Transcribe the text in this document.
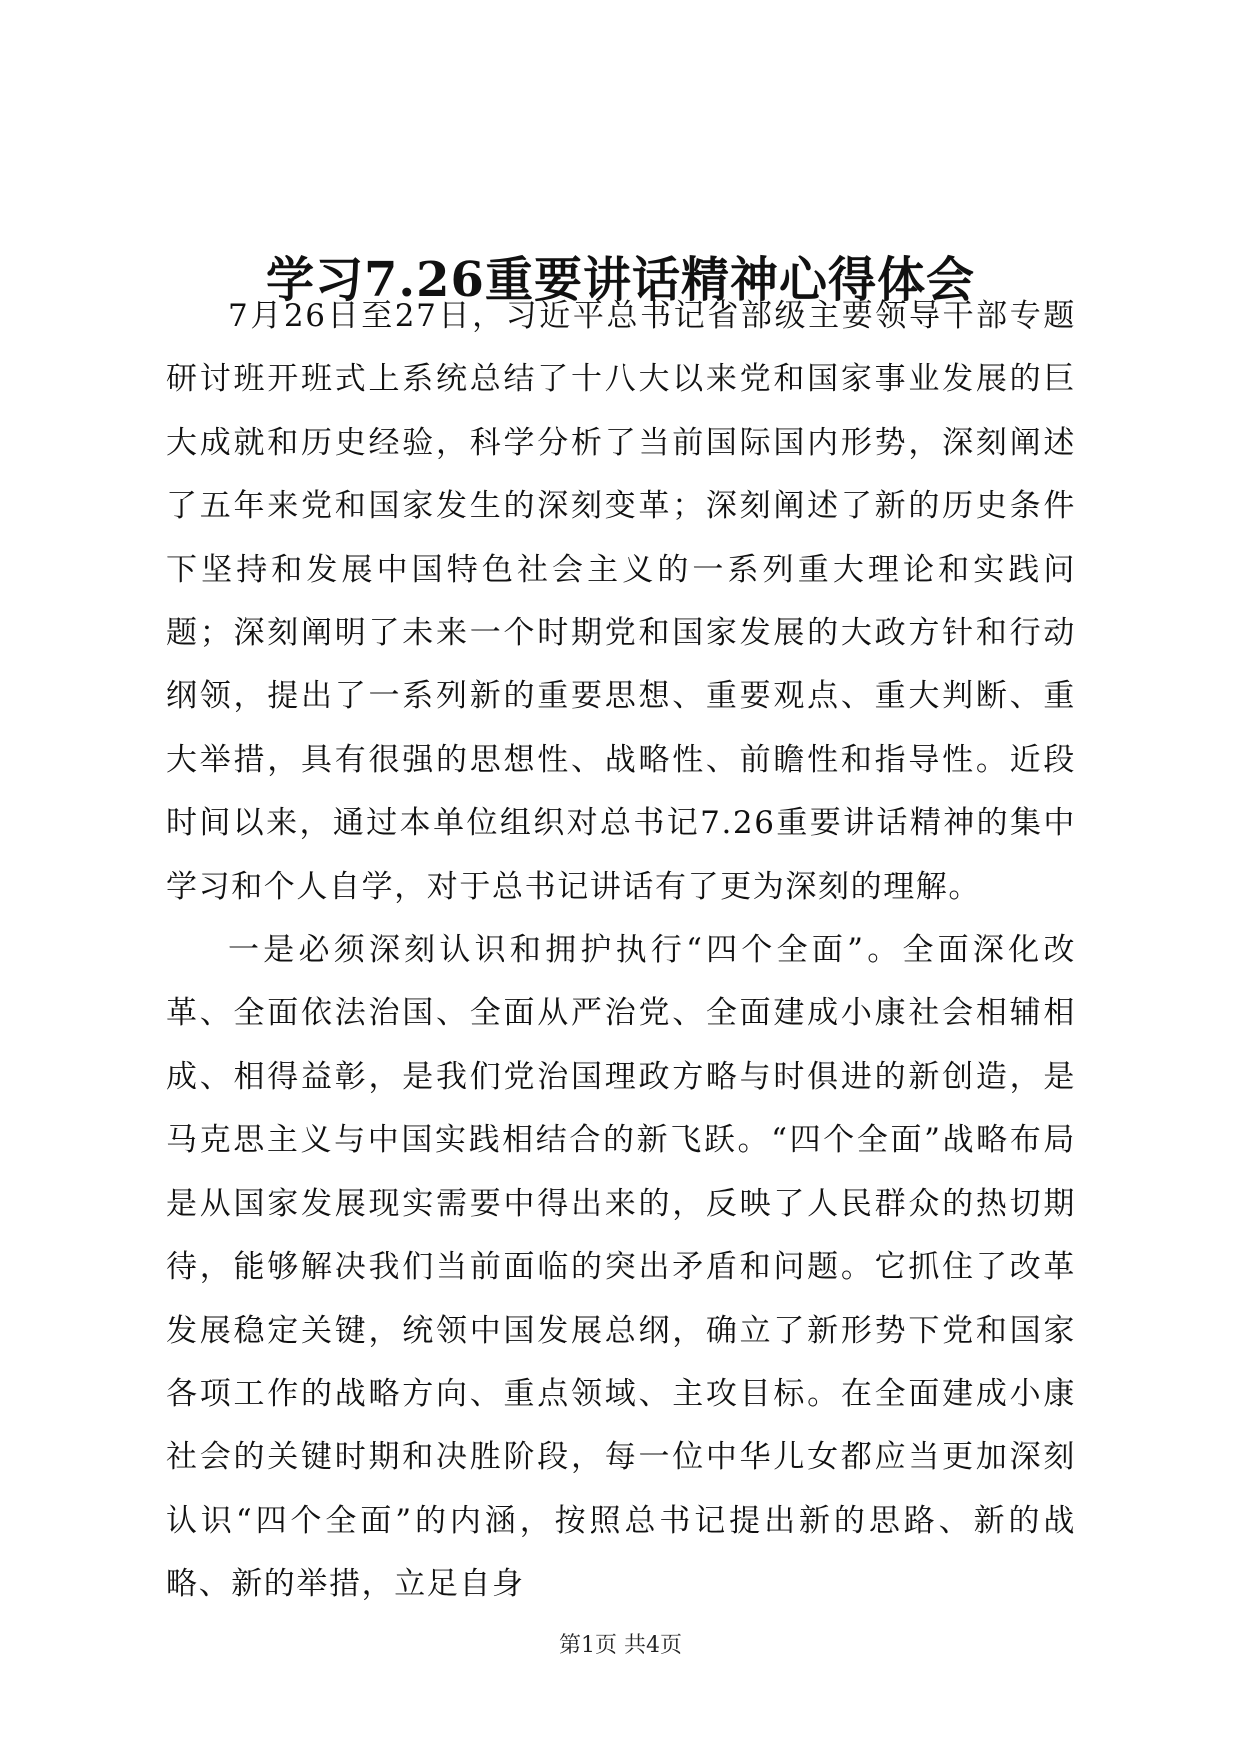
学习7.26重要讲话精神心得体会

7月26日至27日，习近平总书记省部级主要领导干部专题研讨班开班式上系统总结了十八大以来党和国家事业发展的巨大成就和历史经验，科学分析了当前国际国内形势，深刻阐述了五年来党和国家发生的深刻变革；深刻阐述了新的历史条件下坚持和发展中国特色社会主义的一系列重大理论和实践问题；深刻阐明了未来一个时期党和国家发展的大政方针和行动纲领，提出了一系列新的重要思想、重要观点、重大判断、重大举措，具有很强的思想性、战略性、前瞻性和指导性。近段时间以来，通过本单位组织对总书记7.26重要讲话精神的集中学习和个人自学，对于总书记讲话有了更为深刻的理解。

一是必须深刻认识和拥护执行“四个全面”。全面深化改革、全面依法治国、全面从严治党、全面建成小康社会相辅相成、相得益彰，是我们党治国理政方略与时俱进的新创造，是马克思主义与中国实践相结合的新飞跃。“四个全面”战略布局是从国家发展现实需要中得出来的，反映了人民群众的热切期待，能够解决我们当前面临的突出矛盾和问题。它抓住了改革发展稳定关键，统领中国发展总纲，确立了新形势下党和国家各项工作的战略方向、重点领域、主攻目标。在全面建成小康社会的关键时期和决胜阶段，每一位中华儿女都应当更加深刻认识“四个全面”的内涵，按照总书记提出新的思路、新的战略、新的举措，立足自身

第1页 共4页
